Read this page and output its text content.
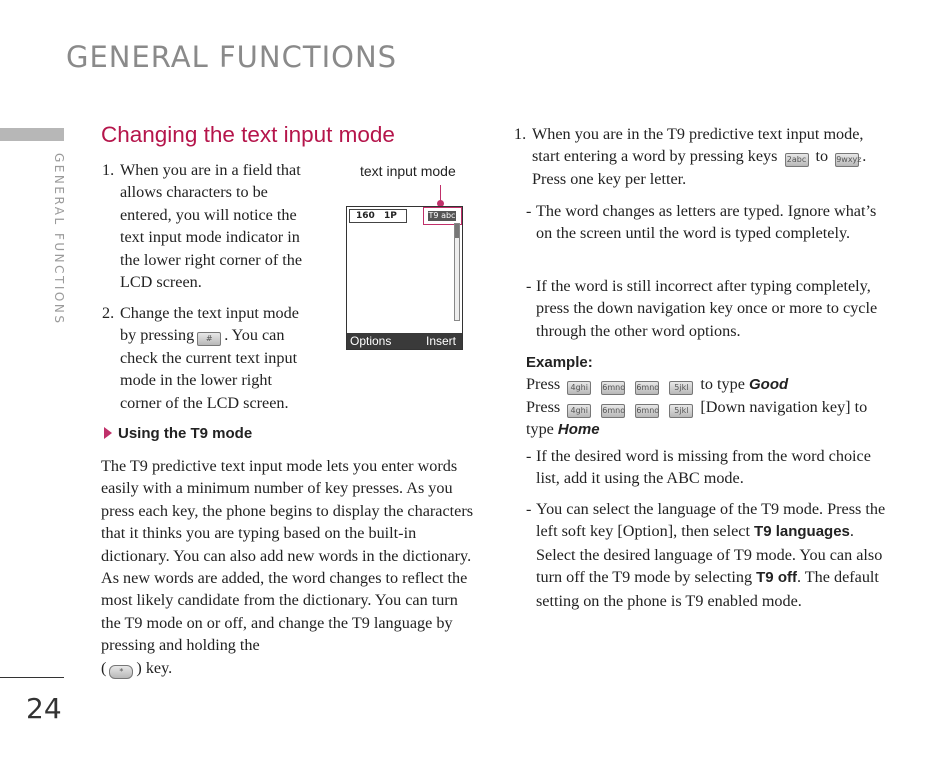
GENERAL FUNCTIONS
GENERAL FUNCTIONS
24
Changing the text input mode
1. When you are in a field that allows characters to be entered, you will notice the text input mode indicator in the lower right corner of the LCD screen.
2. Change the text input mode by pressing # . You can check the current text input mode in the lower right corner of the LCD screen.
text input mode
160 1P	T9 abc
Options	Insert
Using the T9 mode
The T9 predictive text input mode lets you enter words easily with a minimum number of key presses. As you press each key, the phone begins to display the characters that it thinks you are typing based on the built-in dictionary. You can also add new words in the dictionary. As new words are added, the word changes to reflect the most likely candidate from the dictionary. You can turn the T9 mode on or off, and change the T9 language by pressing and holding the
( * ) key.
1. When you are in the T9 predictive text input mode, start entering a word by pressing keys 2abc to 9wxyz. Press one key per letter.
- The word changes as letters are typed. Ignore what’s on the screen until the word is typed completely.
- If the word is still incorrect after typing completely, press the down navigation key once or more to cycle through the other word options.
Example:
Press 4ghi 6mno 6mno 5jkl to type Good
Press 4ghi 6mno 6mno 5jkl [Down navigation key] to type Home
- If the desired word is missing from the word choice list, add it using the ABC mode.
- You can select the language of the T9 mode. Press the left soft key [Option], then select T9 languages. Select the desired language of T9 mode. You can also turn off the T9 mode by selecting T9 off. The default setting on the phone is T9 enabled mode.
